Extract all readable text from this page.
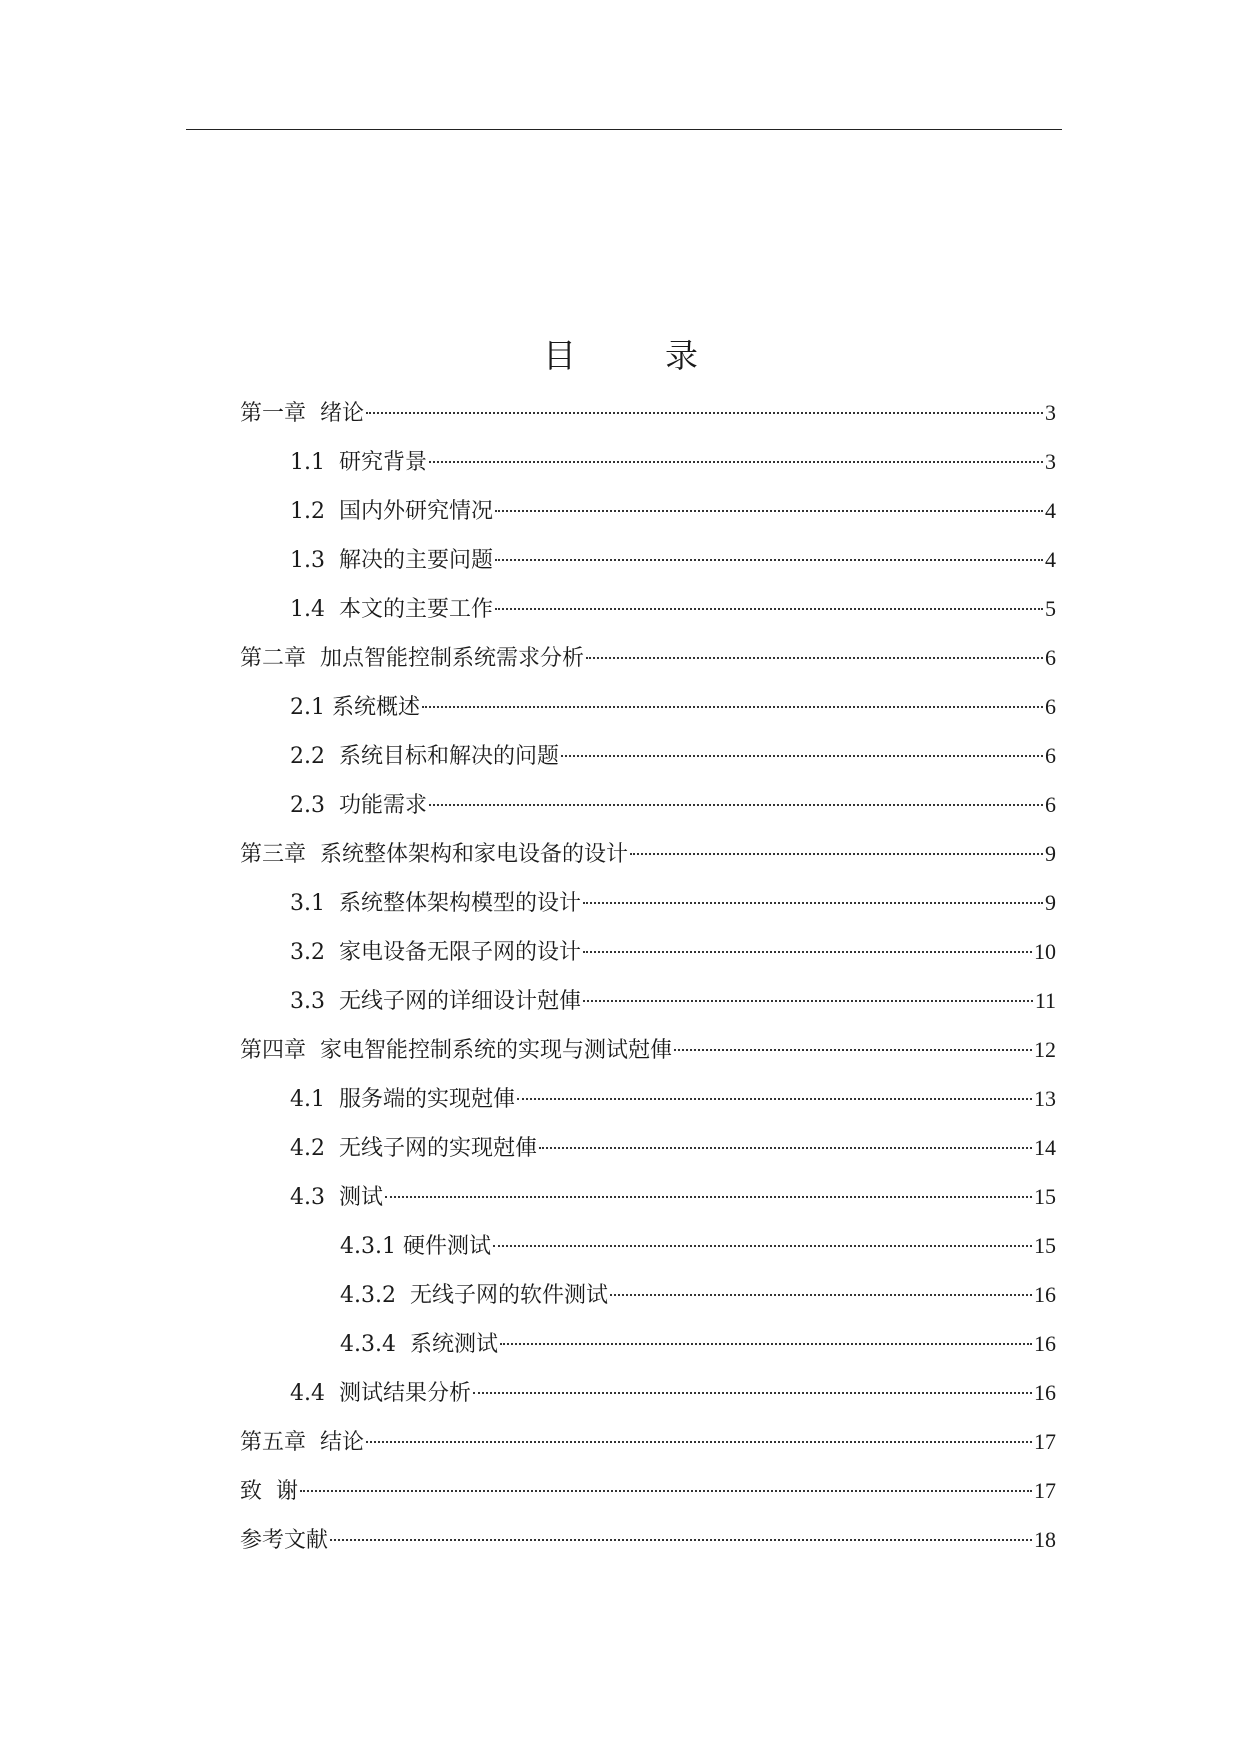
目　录
第一章  绪论	3
1.1  研究背景	3
1.2  国内外研究情况	4
1.3  解决的主要问题	4
1.4  本文的主要工作	5
第二章  加点智能控制系统需求分析	6
2.1 系统概述	6
2.2  系统目标和解决的问题	6
2.3  功能需求	6
第三章  系统整体架构和家电设备的设计	9
3.1  系统整体架构模型的设计	9
3.2  家电设备无限子网的设计	10
3.3  无线子网的详细设计尅俥	11
第四章  家电智能控制系统的实现与测试尅俥	12
4.1  服务端的实现尅俥	13
4.2  无线子网的实现尅俥	14
4.3  测试	15
4.3.1 硬件测试	15
4.3.2  无线子网的软件测试	16
4.3.4  系统测试	16
4.4  测试结果分析	16
第五章  结论	17
致  谢	17
参考文献	18
